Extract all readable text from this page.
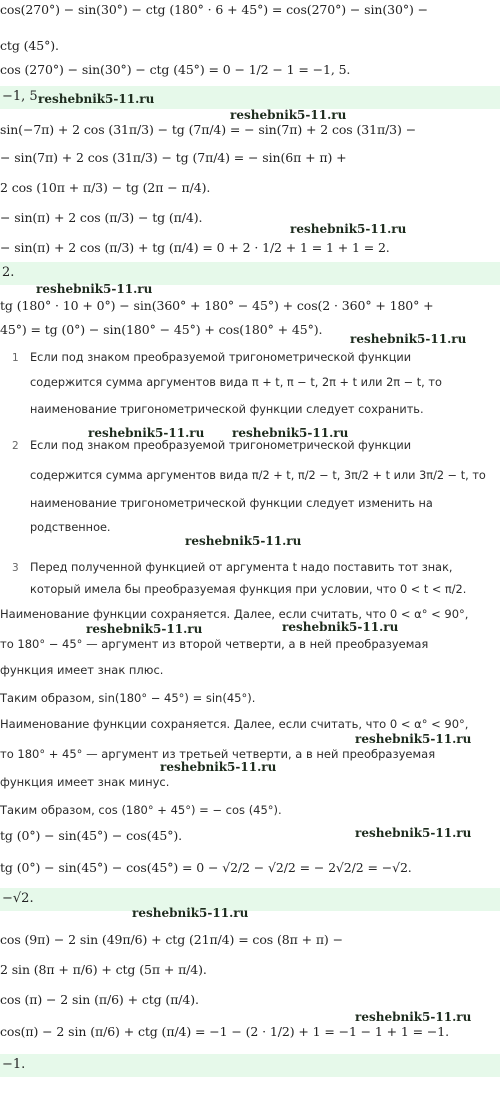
cos(270°) − sin(30°) − ctg (180° · 6 + 45°) = cos(270°) − sin(30°) −
ctg (45°).
cos (270°) − sin(30°) − ctg (45°) = 0 − 1/2 − 1 = −1, 5.
−1, 5.
reshebnik5-11.ru
reshebnik5-11.ru
sin(−7π) + 2 cos (31π/3) − tg (7π/4) = − sin(7π) + 2 cos (31π/3) −
− sin(7π) + 2 cos (31π/3) − tg (7π/4) = − sin(6π + π) +
2 cos (10π + π/3) − tg (2π − π/4).
− sin(π) + 2 cos (π/3) − tg (π/4).
reshebnik5-11.ru
− sin(π) + 2 cos (π/3) + tg (π/4) = 0 + 2 · 1/2 + 1 = 1 + 1 = 2.
2.
reshebnik5-11.ru
tg (180° · 10 + 0°) − sin(360° + 180° − 45°) + cos(2 · 360° + 180° +
45°) = tg (0°) − sin(180° − 45°) + cos(180° + 45°).
reshebnik5-11.ru
1 Если под знаком преобразуемой тригонометрической функции
содержится сумма аргументов вида π + t, π − t, 2π + t или 2π − t, то
наименование тригонометрической функции следует сохранить.
reshebnik5-11.ru reshebnik5-11.ru
2 Если под знаком преобразуемой тригонометрической функции
содержится сумма аргументов вида π/2 + t, π/2 − t, 3π/2 + t или 3π/2 − t, то
наименование тригонометрической функции следует изменить на
родственное.
reshebnik5-11.ru
3 Перед полученной функцией от аргумента t надо поставить тот знак,
который имела бы преобразуемая функция при условии, что 0 < t < π/2.
Наименование функции сохраняется. Далее, если считать, что 0 < α° < 90°,
reshebnik5-11.ru	reshebnik5-11.ru
то 180° − 45° — аргумент из второй четверти, а в ней преобразуемая
функция имеет знак плюс.
Таким образом, sin(180° − 45°) = sin(45°).
Наименование функции сохраняется. Далее, если считать, что 0 < α° < 90°,
reshebnik5-11.ru
то 180° + 45° — аргумент из третьей четверти, а в ней преобразуемая
reshebnik5-11.ru
функция имеет знак минус.
Таким образом, cos (180° + 45°) = − cos (45°).
tg (0°) − sin(45°) − cos(45°).	reshebnik5-11.ru
tg (0°) − sin(45°) − cos(45°) = 0 − √2/2 − √2/2 = − 2√2/2 = −√2.
−√2.
reshebnik5-11.ru
cos (9π) − 2 sin (49π/6) + ctg (21π/4) = cos (8π + π) −
2 sin (8π + π/6) + ctg (5π + π/4).
cos (π) − 2 sin (π/6) + ctg (π/4).
reshebnik5-11.ru
cos(π) − 2 sin (π/6) + ctg (π/4) = −1 − (2 · 1/2) + 1 = −1 − 1 + 1 = −1.
−1.
